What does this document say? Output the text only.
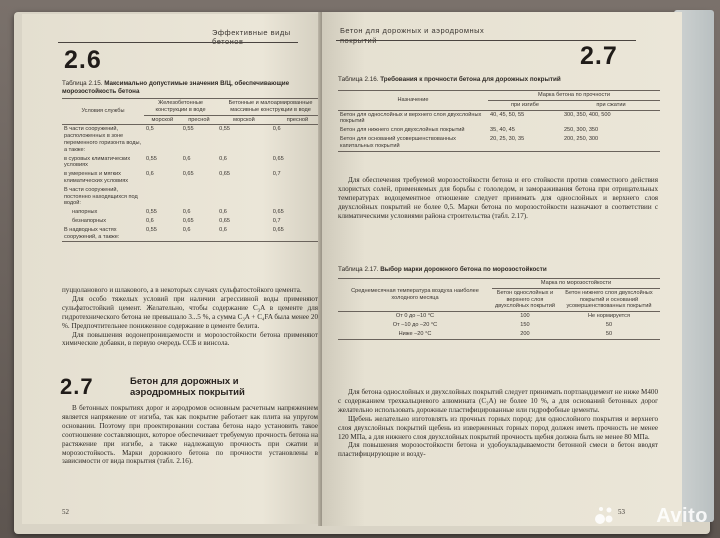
Эффективные виды бетонов
2.6
Таблица 2.15. Максимально допустимые значения В/Ц, обеспечивающие морозостойкость бетона
Условия службы	Железобетонные конструкции в воде		Бетонные и малоармированные массивные конструкции в воде	
	морской	пресной	морской	пресной
В части сооружений, расположенных в зоне переменного горизонта воды, а также:	0,5	0,55	0,55	0,6
в суровых климатических условиях	0,55	0,6	0,6	0,65
в умеренных и мягких климатических условиях	0,6	0,65	0,65	0,7
В части сооружений, постоянно находящихся под водой:				
напорных	0,55	0,6	0,6	0,65
безнапорных	0,6	0,65	0,65	0,7
В надводных частях сооружений, а также:	0,55	0,6	0,6	0,65

пуццоланового и шлакового, а в некоторых случаях сульфатостойкого цемента.

Для особо тяжелых условий при наличии агрессивной воды применяют сульфатостойкий цемент. Желательно, чтобы содержание C₃A в цементе для гидротехнического бетона не превышало 3...5 %, а сумма C₃A + C₄FA была менее 20 %. Предпочтительнее пониженное содержание в цементе белита.

Для повышения водонепроницаемости и морозостойкости бетона применяют химические добавки, в первую очередь ССБ и винсола.

2.7	Бетон для дорожных и аэродромных покрытий

В бетонных покрытиях дорог и аэродромов основным расчетным напряжением является напряжение от изгиба, так как покрытие работает как плита на упругом основании. Поэтому при проектировании состава бетона надо установить такое соотношение составляющих, которое обеспечивает требуемую прочность бетона на растяжение при изгибе, а также надлежащую прочность при сжатии и морозостойкость. Марки дорожного бетона по прочности установлены в зависимости от вида покрытия (табл. 2.16).

52
Бетон для дорожных и аэродромных покрытий
2.7
Таблица 2.16. Требования к прочности бетона для дорожных покрытий
Назначение	Марка бетона по прочности	
	при изгибе	при сжатии
Бетон для однослойных и верхнего слоя двухслойных покрытий	40, 45, 50, 55	300, 350, 400, 500
Бетон для нижнего слоя двухслойных покрытий	35, 40, 45	250, 300, 350
Бетон для оснований усовершенствованных капитальных покрытий	20, 25, 30, 35	200, 250, 300

Для обеспечения требуемой морозостойкости бетона и его стойкости против совместного действия хлористых солей, применяемых для борьбы с гололедом, и замораживания бетона при отрицательных температурах водоцементное отношение следует принимать для однослойных и верхнего слоя двухслойных покрытий не более 0,5. Марки бетона по морозостойкости назначают в соответствии с климатическими условиями района строительства (табл. 2.17).

Таблица 2.17. Выбор марки дорожного бетона по морозостойкости
Среднемесячная температура воздуха наиболее холодного месяца	Марка по морозостойкости	
	Бетон однослойных и верхнего слоя двухслойных покрытий	Бетон нижнего слоя двухслойных покрытий и оснований усовершенствованных покрытий
От 0 до –10 °С	100	Не нормируется
От –10 до –20 °С	150	50
Ниже –20 °С	200	50

Для бетона однослойных и двухслойных покрытий следует принимать портландцемент не ниже М400 с содержанием трехкальциевого алюмината (C₃A) не более 10 %, а для оснований бетонных дорог желательно использовать дорожные пластифицированные или гидрофобные цементы.

Щебень желательно изготовлять из прочных горных пород: для однослойного покрытия и верхнего слоя двухслойных покрытий щебень из изверженных горных пород должен иметь прочность не менее 120 МПа, а для нижнего слоя двухслойных покрытий прочность щебня должна быть не менее 80 МПа.

Для повышения морозостойкости бетона и удобоукладываемости бетонной смеси в бетон вводят пластифицирующие и возду-

53 Avito
